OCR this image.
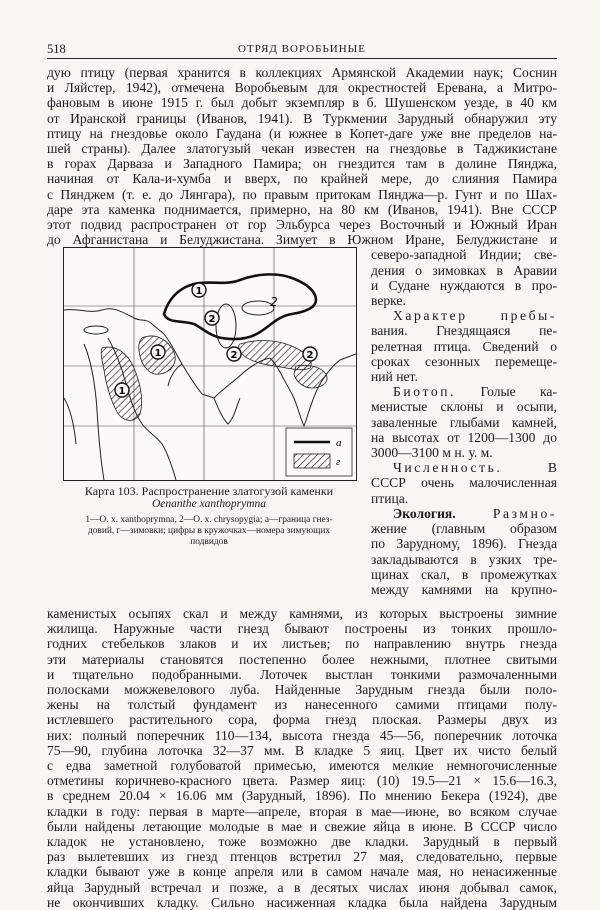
518	ОТРЯД ВОРОБЬИНЫЕ

дую птицу (первая хранится в коллекциях Армянской Академии наук; Соснин

и Ляйстер, 1942), отмечена Воробьевым для окрестностей Еревана, а Митро-

фановым в июне 1915 г. был добыт экземпляр в б. Шушенском уезде, в 40 км

от Иранской границы (Иванов, 1941). В Туркмении Зарудный обнаружил эту

птицу на гнездовье около Гаудана (и южнее в Копет-даге уже вне пределов на-

шей страны). Далее златогузый чекан известен на гнездовье в Таджикистане

в горах Дарваза и Западного Памира; он гнездится там в долине Пянджа,

начиная от Кала-и-хумба и вверх, по крайней мере, до слияния Памира

с Пянджем (т. е. до Лянгара), по правым притокам Пянджа—р. Гунт и по Шах-

даре эта каменка поднимается, примерно, на 80 км (Иванов, 1941). Вне СССР

этот подвид распространен от гор Эльбурса через Восточный и Южный Иран

до Афганистана и Белуджистана. Зимует в Южном Иране, Белуджистане и

1
2
2
2	2
1
1
а
г
Карта 103. Распространение златогузой каменки
Oenanthe xanthoprymna
1—O. x. xanthoprymna, 2—O. x. chrysopygia; а—граница гнез-
довий, г—зимовки; цифры в кружочках—номера зимующих
подвидов

северо-западной Индии; све-

дения о зимовках в Аравии

и Судане нуждаются в про-

верке.

Характер пребы-

вания. Гнездящаяся пе-

релетная птица. Сведений о

сроках сезонных перемеще-

ний нет.

Биотоп. Голые ка-

менистые склоны и осыпи,

заваленные глыбами камней,

на высотах от 1200—1300 до

3000—3100 м н. у. м.

Численность.	В

СССР очень малочисленная

птица.

Экология.	Размно-

жение (главным образом

по Зарудному, 1896). Гнезда

закладываются в узких тре-

щинах скал, в промежутках

между камнями на крупно-

каменистых осыпях скал и между камнями, из которых выстроены зимние

жилища. Наружные части гнезд бывают построены из тонких прошло-

годних стебельков злаков и их листьев; по направлению внутрь гнезда

эти материалы становятся постепенно более нежными, плотнее свитыми

и тщательно подобранными. Лоточек выстлан тонкими размочаленными

полосками можжевелового луба. Найденные Зарудным гнезда были поло-

жены на толстый фундамент из нанесенного самими птицами полу-

истлевшего растительного сора, форма гнезд плоская. Размеры двух из

них: полный поперечник 110—134, высота гнезда 45—56, поперечник лоточка

75—90, глубина лоточка 32—37 мм. В кладке 5 яиц. Цвет их чисто белый

с едва заметной голубоватой примесью, имеются мелкие немногочисленные

отметины коричнево-красного цвета. Размер яиц: (10) 19.5—21 × 15.6—16.3,

в среднем 20.04 × 16.06 мм (Зарудный, 1896). По мнению Бекера (1924), две

кладки в году: первая в марте—апреле, вторая в мае—июне, во всяком случае

были найдены летающие молодые в мае и свежие яйца в июне. В СССР число

кладок не установлено, тоже возможно две кладки. Зарудный в первый

раз вылетевших из гнезд птенцов встретил 27 мая, следовательно, первые

кладки бывают уже в конце апреля или в самом начале мая, но ненасиженные

яйца Зарудный встречал и позже, а в десятых числах июня добывал самок,

не окончивших кладку. Сильно насиженная кладка была найдена Зарудным
